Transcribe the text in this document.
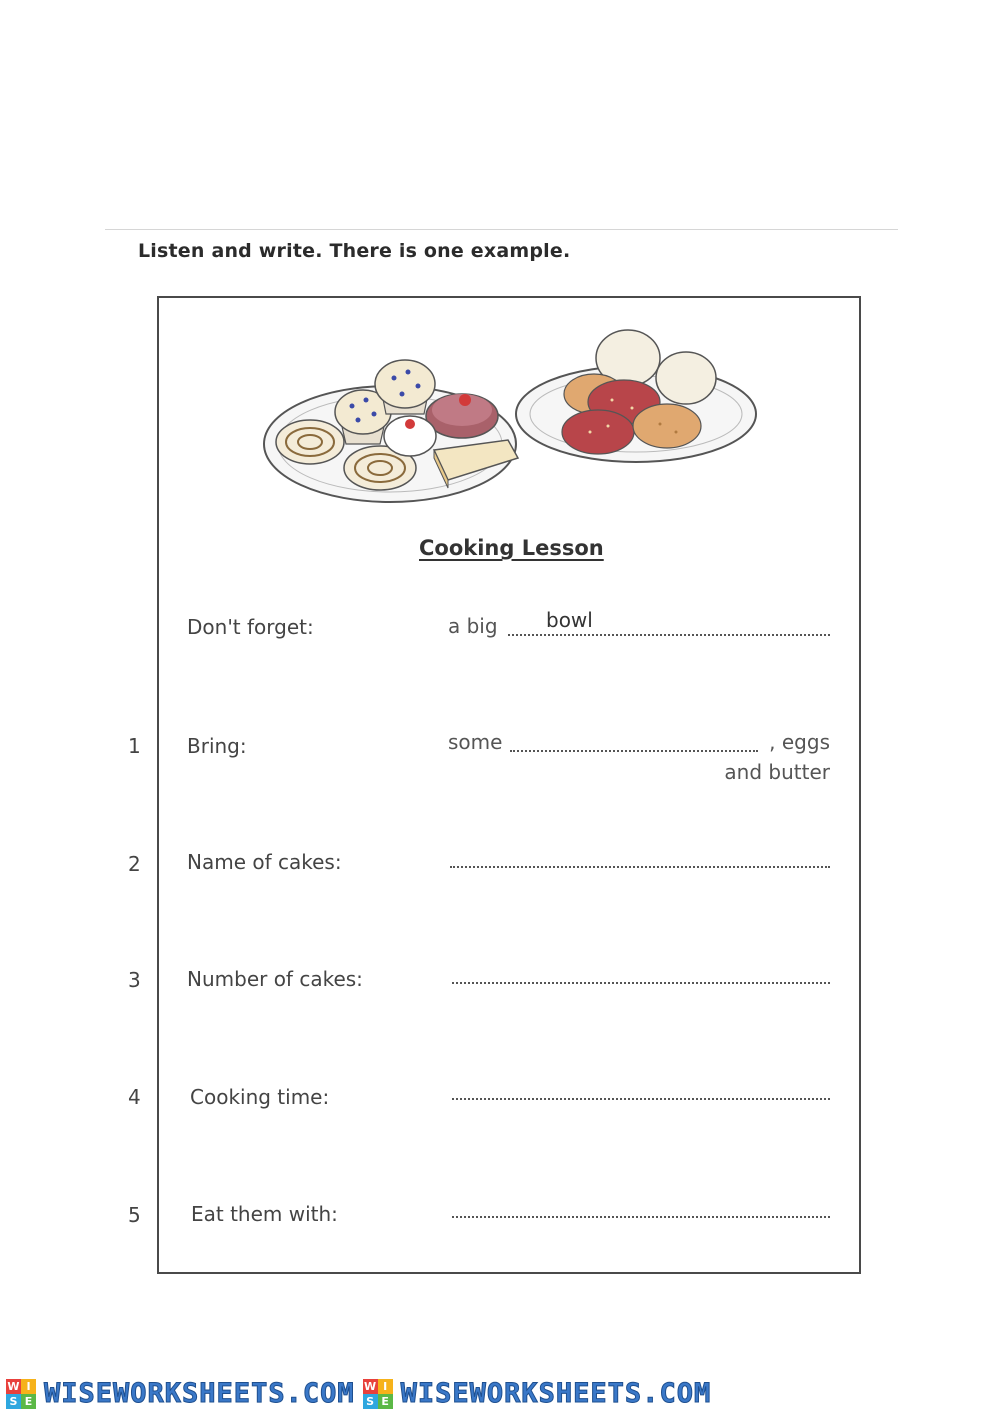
Listen and write. There is one example.
Cooking Lesson
Don't forget:	a big bowl
1 Bring:	some	, eggs
and butter
2 Name of cakes:
3 Number of cakes:
4 Cooking time:
5	Eat them with:
W I
S E WISEWORKSHEETS.COM W I
S E WISEWORKSHEETS.COM
